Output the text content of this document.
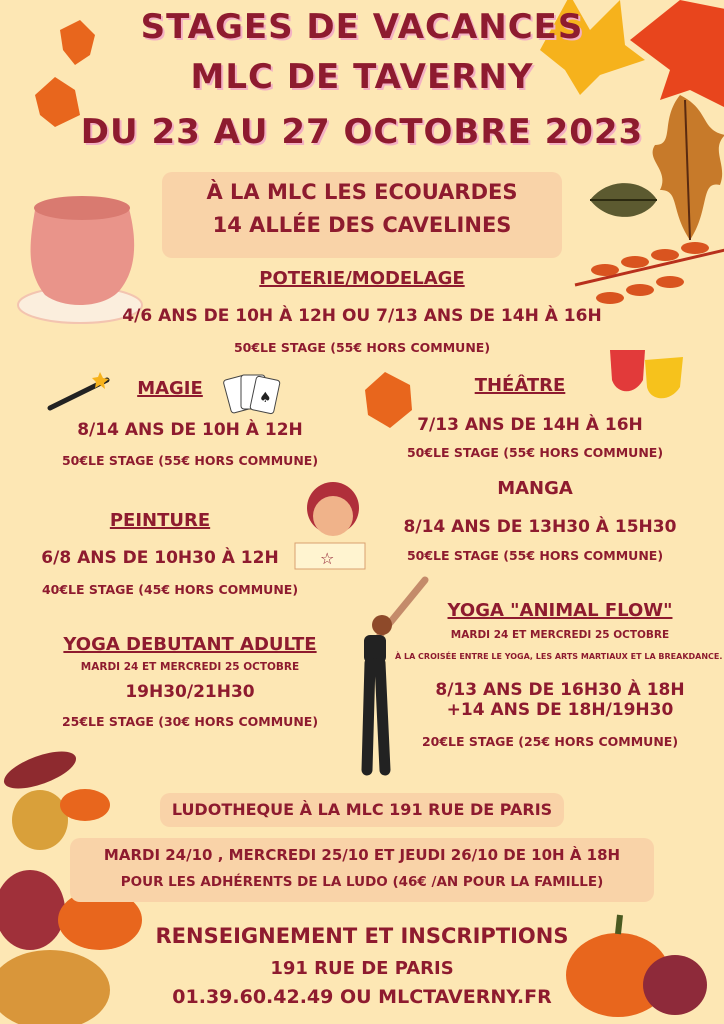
♠
☆
STAGES DE VACANCES
MLC DE TAVERNY
DU 23 AU 27 OCTOBRE 2023
À LA MLC LES ECOUARDES
14 ALLÉE DES CAVELINES
POTERIE/MODELAGE
4/6 ANS DE 10H À 12H OU 7/13 ANS DE 14H À 16H
50€LE STAGE (55€ HORS COMMUNE)
MAGIE
8/14 ANS DE 10H À 12H
50€LE STAGE (55€ HORS COMMUNE)
THÉÂTRE
7/13 ANS DE 14H À 16H
50€LE STAGE (55€ HORS COMMUNE)
MANGA
8/14 ANS DE 13H30 À 15H30
50€LE STAGE (55€ HORS COMMUNE)
PEINTURE
6/8 ANS DE 10H30 À 12H
40€LE STAGE (45€ HORS COMMUNE)
YOGA DEBUTANT ADULTE
MARDI 24 ET MERCREDI 25 OCTOBRE
19H30/21H30
25€LE STAGE (30€ HORS COMMUNE)
YOGA "ANIMAL FLOW"
MARDI 24 ET MERCREDI 25 OCTOBRE
À LA CROISÉE ENTRE LE YOGA, LES ARTS MARTIAUX ET LA BREAKDANCE.
8/13 ANS DE 16H30 À 18H
+14 ANS DE 18H/19H30
20€LE STAGE (25€ HORS COMMUNE)
LUDOTHEQUE À LA MLC 191 RUE DE PARIS
MARDI 24/10 , MERCREDI 25/10 ET JEUDI 26/10 DE 10H À 18H
POUR LES ADHÉRENTS DE LA LUDO (46€ /AN POUR LA FAMILLE)
RENSEIGNEMENT ET INSCRIPTIONS
191 RUE DE PARIS
01.39.60.42.49 OU MLCTAVERNY.FR
